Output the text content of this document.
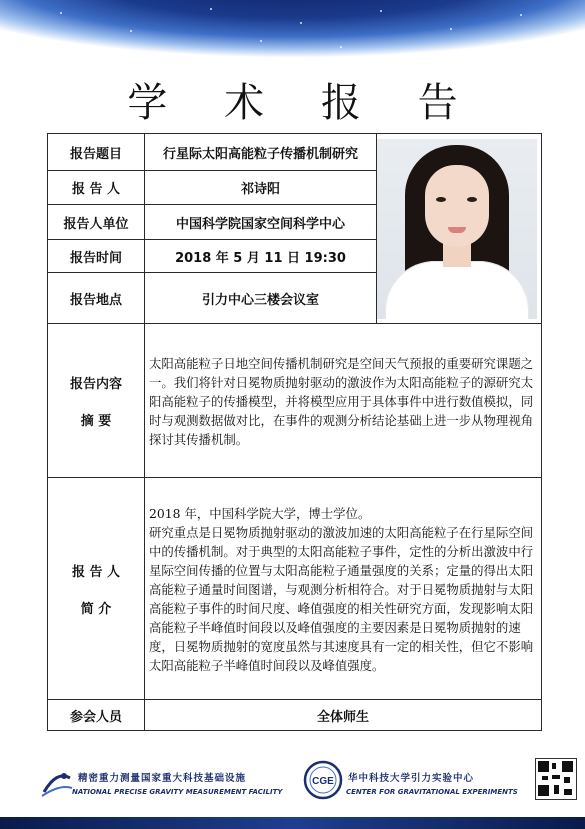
学 术 报 告
报告题目	行星际太阳高能粒子传播机制研究	

报 告 人	祁诗阳	
报告人单位	中国科学院国家空间科学中心	
报告时间	2018 年 5 月 11 日 19:30	
报告地点	引力中心三楼会议室	

报告内容
摘 要	太阳高能粒子日地空间传播机制研究是空间天气预报的重要研究课题之一。我们将针对日冕物质抛射驱动的激波作为太阳高能粒子的源研究太阳高能粒子的传播模型，并将模型应用于具体事件中进行数值模拟，同时与观测数据做对比，在事件的观测分析结论基础上进一步从物理视角探讨其传播机制。	

报 告 人
简 介	2018 年，中国科学院大学，博士学位。
研究重点是日冕物质抛射驱动的激波加速的太阳高能粒子在行星际空间中的传播机制。对于典型的太阳高能粒子事件，定性的分析出激波中行星际空间传播的位置与太阳高能粒子通量强度的关系；定量的得出太阳高能粒子通量时间图谱，与观测分析相符合。对于日冕物质抛射与太阳高能粒子事件的时间尺度、峰值强度的相关性研究方面，发现影响太阳高能粒子半峰值时间段以及峰值强度的主要因素是日冕物质抛射的速度，日冕物质抛射的宽度虽然与其速度具有一定的相关性，但它不影响太阳高能粒子半峰值时间段以及峰值强度。	

参会人员	全体师生	
精密重力测量国家重大科技基础设施
NATIONAL PRECISE GRAVITY MEASUREMENT FACILITY
CGE 华中科技大学引力实验中心
CENTER FOR GRAVITATIONAL EXPERIMENTS
